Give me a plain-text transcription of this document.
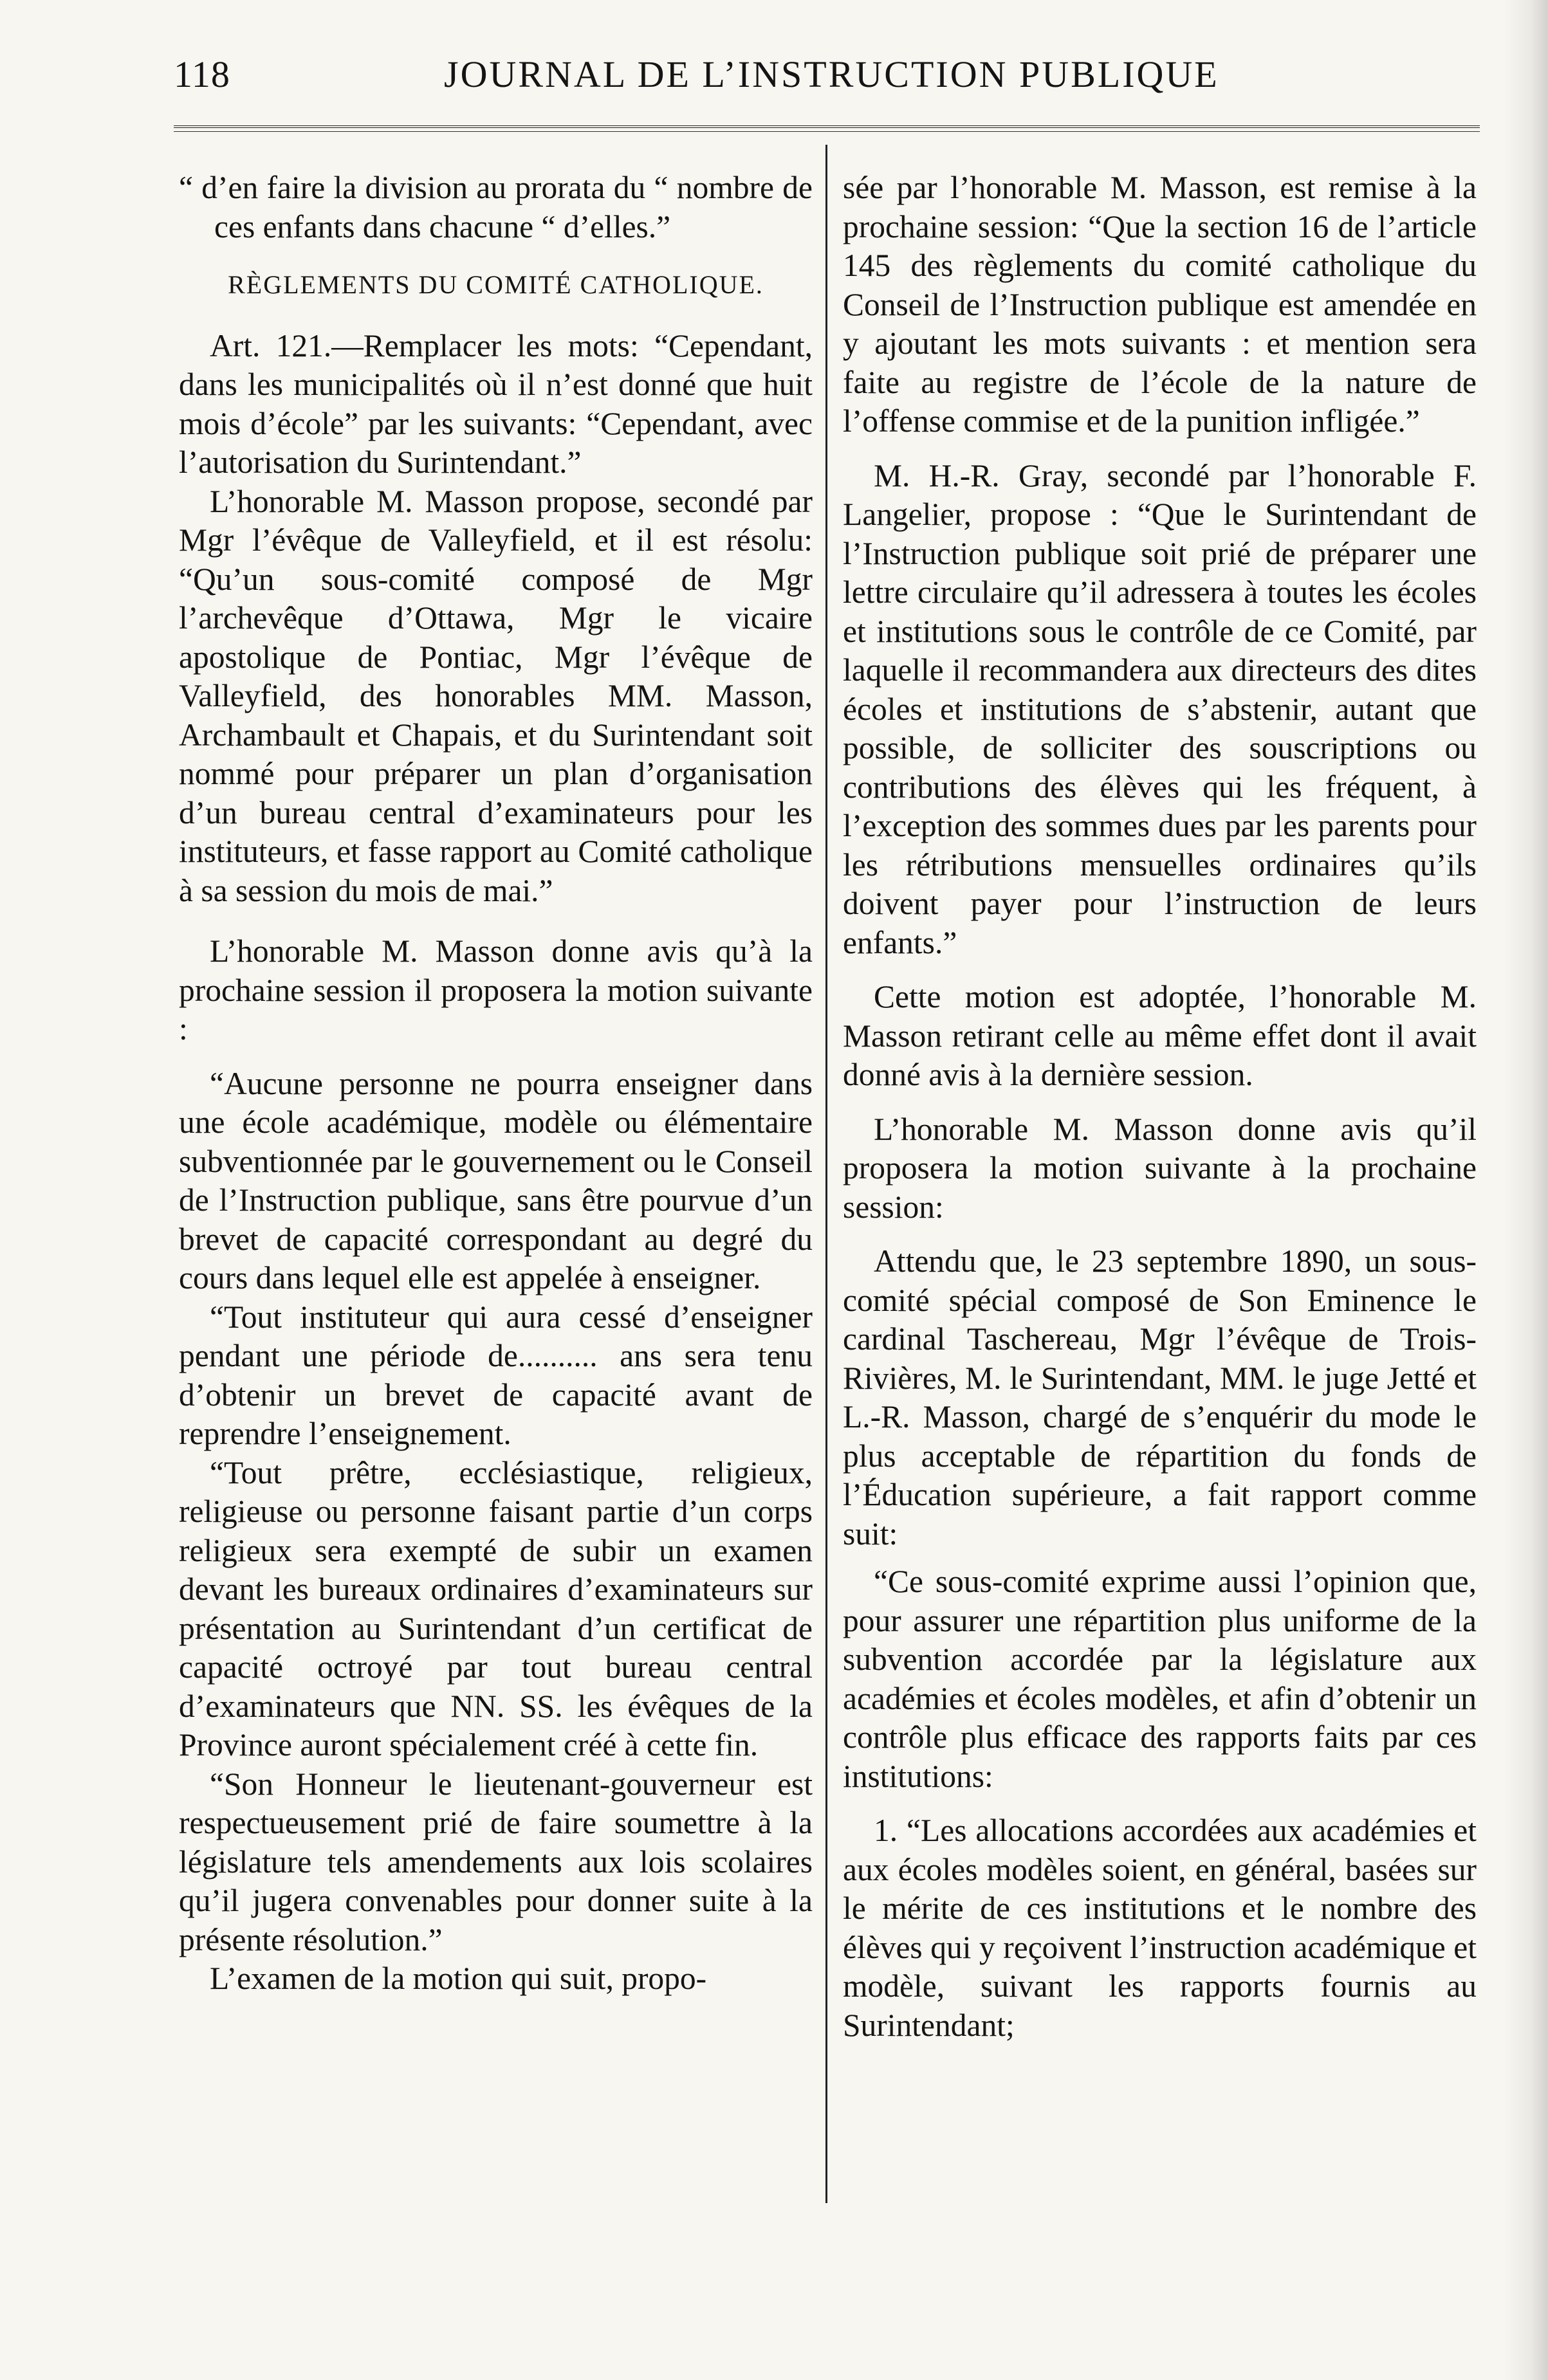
118	JOURNAL DE L’INSTRUCTION PUBLIQUE

“ d’en faire la division au prorata du “ nombre de ces enfants dans chacune “ d’elles.”

RÈGLEMENTS DU COMITÉ CATHOLIQUE.

Art. 121.—Remplacer les mots: “Cependant, dans les municipalités où il n’est donné que huit mois d’école” par les suivants: “Cependant, avec l’autorisation du Surintendant.”

L’honorable M. Masson propose, secondé par Mgr l’évêque de Valleyfield, et il est résolu: “Qu’un sous-comité composé de Mgr l’archevêque d’Ottawa, Mgr le vicaire apostolique de Pontiac, Mgr l’évêque de Valleyfield, des honorables MM. Masson, Archambault et Chapais, et du Surintendant soit nommé pour préparer un plan d’organisation d’un bureau central d’examinateurs pour les instituteurs, et fasse rapport au Comité catholique à sa session du mois de mai.”

L’honorable M. Masson donne avis qu’à la prochaine session il proposera la motion suivante :

“Aucune personne ne pourra enseigner dans une école académique, modèle ou élémentaire subventionnée par le gouvernement ou le Conseil de l’Instruction publique, sans être pourvue d’un brevet de capacité correspondant au degré du cours dans lequel elle est appelée à enseigner.

“Tout instituteur qui aura cessé d’enseigner pendant une période de.......... ans sera tenu d’obtenir un brevet de capacité avant de reprendre l’enseignement.

“Tout prêtre, ecclésiastique, religieux, religieuse ou personne faisant partie d’un corps religieux sera exempté de subir un examen devant les bureaux ordinaires d’examinateurs sur présentation au Surintendant d’un certificat de capacité octroyé par tout bureau central d’examinateurs que NN. SS. les évêques de la Province auront spécialement créé à cette fin.

“Son Honneur le lieutenant-gouverneur est respectueusement prié de faire soumettre à la législature tels amendements aux lois scolaires qu’il jugera convenables pour donner suite à la présente résolution.”

L’examen de la motion qui suit, propo-

sée par l’honorable M. Masson, est remise à la prochaine session: “Que la section 16 de l’article 145 des règlements du comité catholique du Conseil de l’Instruction publique est amendée en y ajoutant les mots suivants : et mention sera faite au registre de l’école de la nature de l’offense commise et de la punition infligée.”

M. H.-R. Gray, secondé par l’honorable F. Langelier, propose : “Que le Surintendant de l’Instruction publique soit prié de préparer une lettre circulaire qu’il adressera à toutes les écoles et institutions sous le contrôle de ce Comité, par laquelle il recommandera aux directeurs des dites écoles et institutions de s’abstenir, autant que possible, de solliciter des souscriptions ou contributions des élèves qui les fréquent, à l’exception des sommes dues par les parents pour les rétributions mensuelles ordinaires qu’ils doivent payer pour l’instruction de leurs enfants.”

Cette motion est adoptée, l’honorable M. Masson retirant celle au même effet dont il avait donné avis à la dernière session.

L’honorable M. Masson donne avis qu’il proposera la motion suivante à la prochaine session:

Attendu que, le 23 septembre 1890, un sous-comité spécial composé de Son Eminence le cardinal Taschereau, Mgr l’évêque de Trois-Rivières, M. le Surintendant, MM. le juge Jetté et L.-R. Masson, chargé de s’enquérir du mode le plus acceptable de répartition du fonds de l’Éducation supérieure, a fait rapport comme suit:

“Ce sous-comité exprime aussi l’opinion que, pour assurer une répartition plus uniforme de la subvention accordée par la législature aux académies et écoles modèles, et afin d’obtenir un contrôle plus efficace des rapports faits par ces institutions:

1. “Les allocations accordées aux académies et aux écoles modèles soient, en général, basées sur le mérite de ces institutions et le nombre des élèves qui y reçoivent l’instruction académique et modèle, suivant les rapports fournis au Surintendant;
